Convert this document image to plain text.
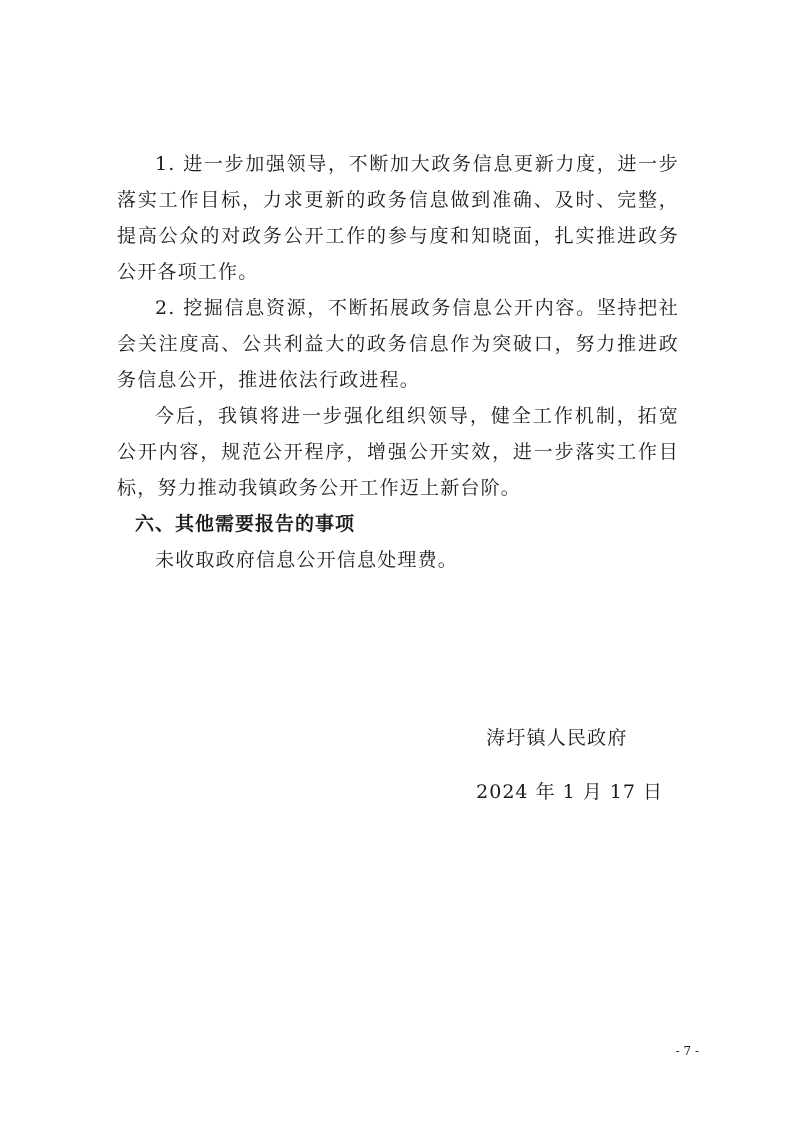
1. 进一步加强领导，不断加大政务信息更新力度，进一步落实工作目标，力求更新的政务信息做到准确、及时、完整，提高公众的对政务公开工作的参与度和知晓面，扎实推进政务公开各项工作。

2. 挖掘信息资源，不断拓展政务信息公开内容。坚持把社会关注度高、公共利益大的政务信息作为突破口，努力推进政务信息公开，推进依法行政进程。

今后，我镇将进一步强化组织领导，健全工作机制，拓宽公开内容，规范公开程序，增强公开实效，进一步落实工作目标，努力推动我镇政务公开工作迈上新台阶。

六、其他需要报告的事项

未收取政府信息公开信息处理费。

涛圩镇人民政府

2024 年 1 月 17 日

- 7 -
